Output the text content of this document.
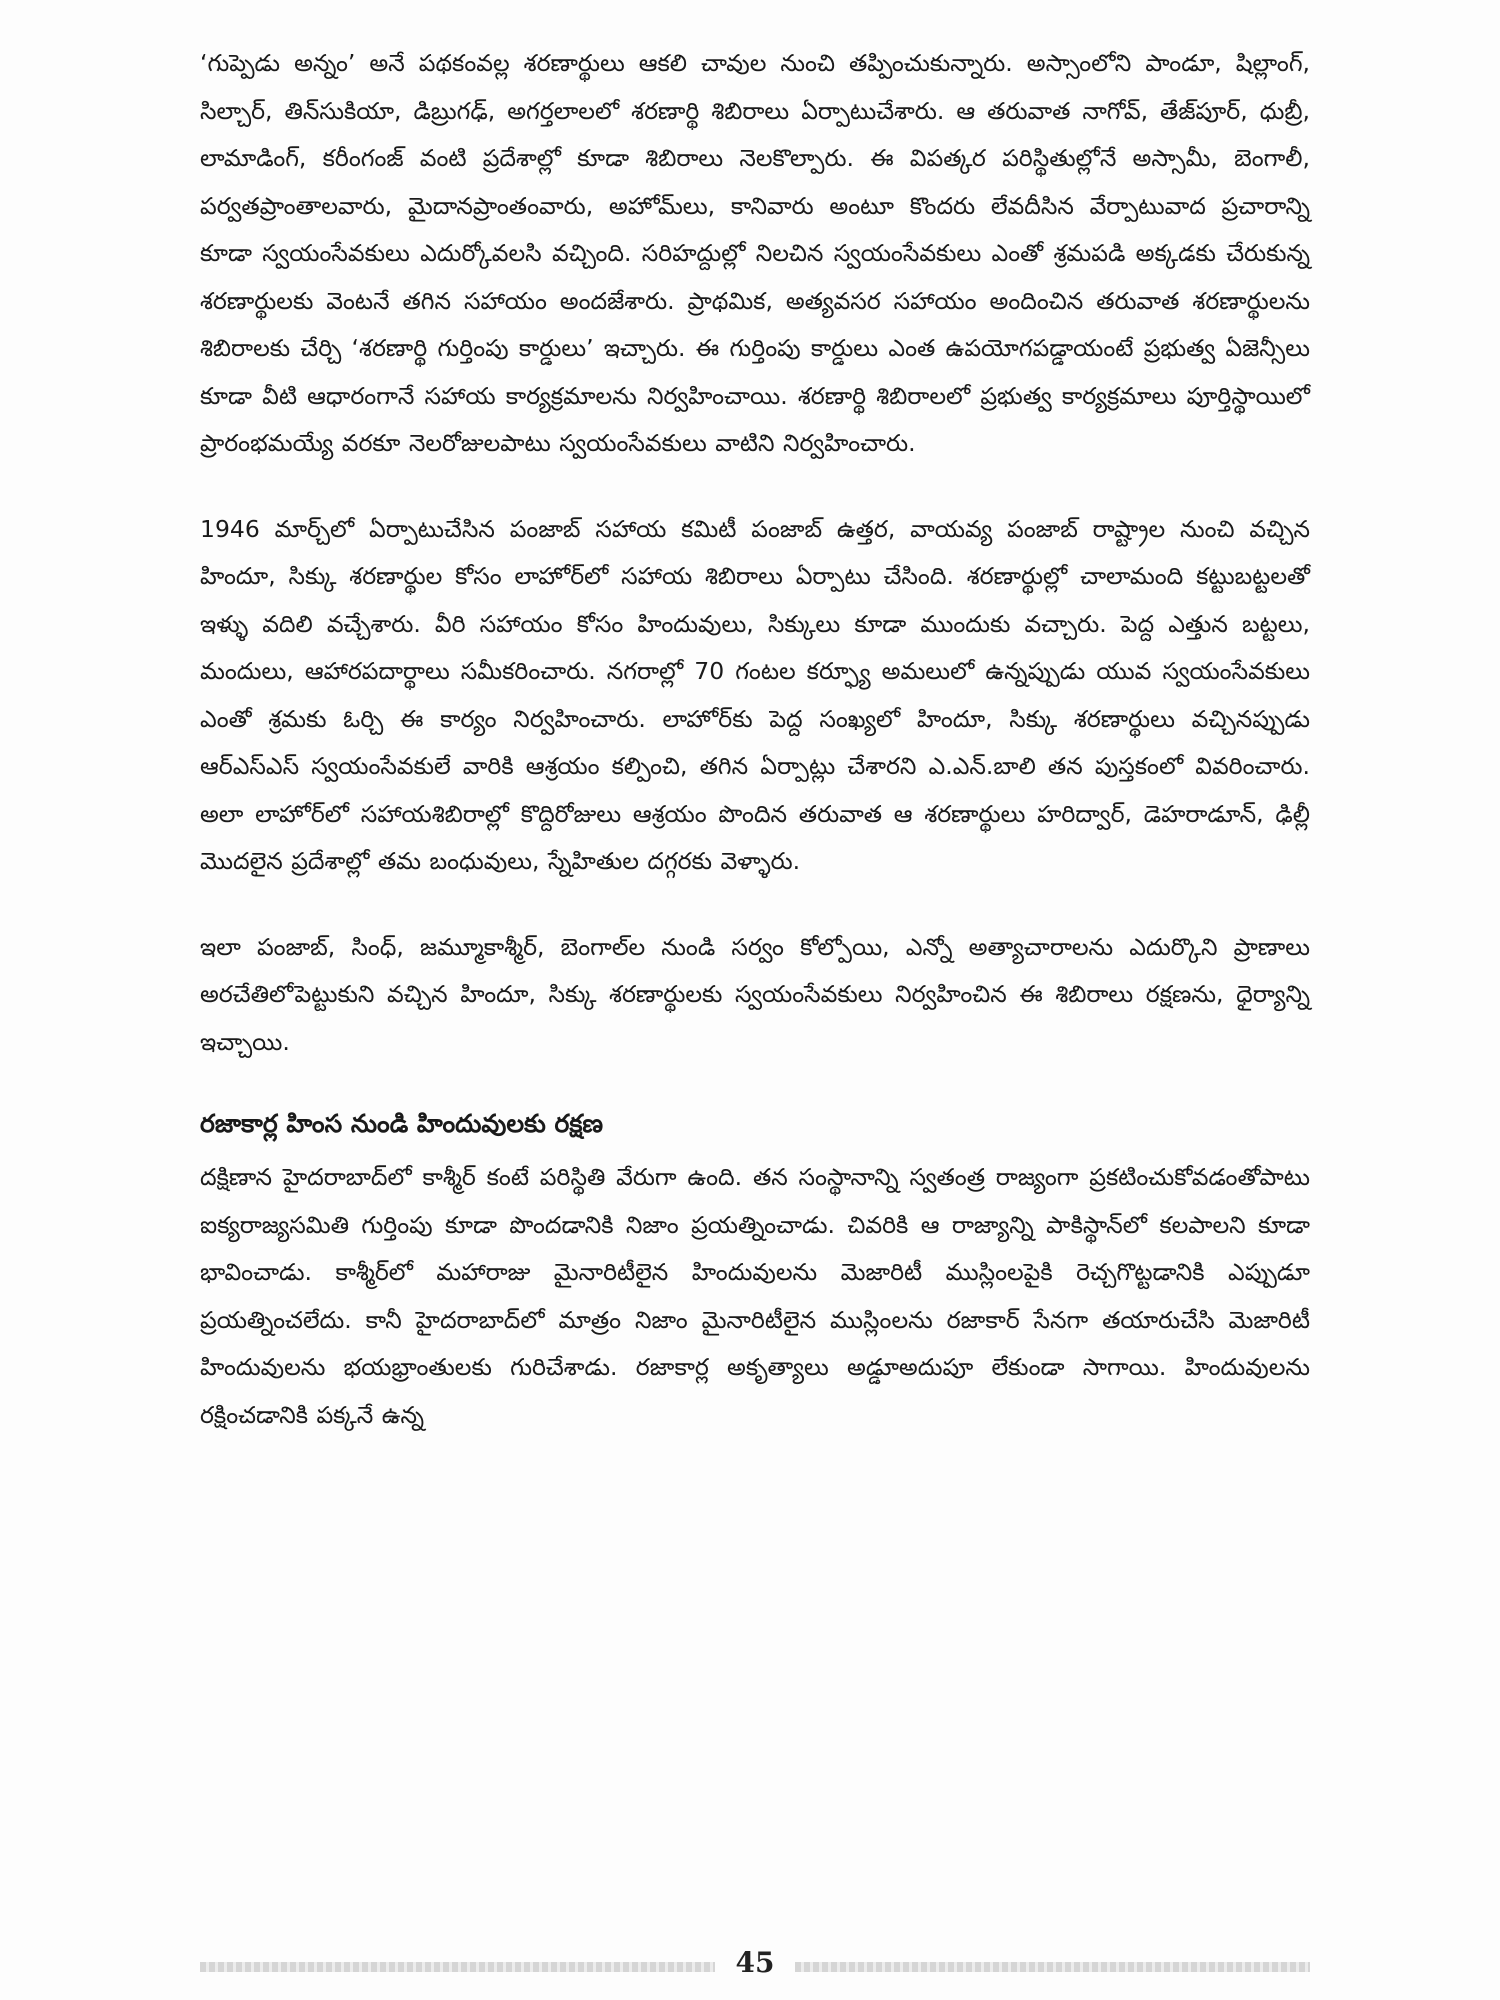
‘గుప్పెడు అన్నం’ అనే పథకంవల్ల శరణార్థులు ఆకలి చావుల నుంచి తప్పించుకున్నారు. అస్సాంలోని పాండూ, షిల్లాంగ్, సిల్చార్, తిన్‌సుకియా, డిబ్రుగఢ్, అగర్తలాలలో శరణార్థి శిబిరాలు ఏర్పాటుచేశారు. ఆ తరువాత నాగోవ్, తేజ్‌పూర్, ధుబ్రీ, లామాడింగ్, కరీంగంజ్ వంటి ప్రదేశాల్లో కూడా శిబిరాలు నెలకొల్పారు. ఈ విపత్కర పరిస్థితుల్లోనే అస్సామీ, బెంగాలీ, పర్వతప్రాంతాలవారు, మైదానప్రాంతంవారు, అహోమ్‌లు, కానివారు అంటూ కొందరు లేవదీసిన వేర్పాటువాద ప్రచారాన్ని కూడా స్వయంసేవకులు ఎదుర్కోవలసి వచ్చింది. సరిహద్దుల్లో నిలచిన స్వయంసేవకులు ఎంతో శ్రమపడి అక్కడకు చేరుకున్న శరణార్థులకు వెంటనే తగిన సహాయం అందజేశారు. ప్రాథమిక, అత్యవసర సహాయం అందించిన తరువాత శరణార్థులను శిబిరాలకు చేర్చి ‘శరణార్థి గుర్తింపు కార్డులు’ ఇచ్చారు. ఈ గుర్తింపు కార్డులు ఎంత ఉపయోగపడ్డాయంటే ప్రభుత్వ ఏజెన్సీలు కూడా వీటి ఆధారంగానే సహాయ కార్యక్రమాలను నిర్వహించాయి. శరణార్థి శిబిరాలలో ప్రభుత్వ కార్యక్రమాలు పూర్తిస్థాయిలో ప్రారంభమయ్యే వరకూ నెలరోజులపాటు స్వయంసేవకులు వాటిని నిర్వహించారు.

1946 మార్చ్‌లో ఏర్పాటుచేసిన పంజాబ్ సహాయ కమిటీ పంజాబ్ ఉత్తర, వాయవ్య పంజాబ్ రాష్ట్రాల నుంచి వచ్చిన హిందూ, సిక్కు శరణార్థుల కోసం లాహోర్‌లో సహాయ శిబిరాలు ఏర్పాటు చేసింది. శరణార్థుల్లో చాలామంది కట్టుబట్టలతో ఇళ్ళు వదిలి వచ్చేశారు. వీరి సహాయం కోసం హిందువులు, సిక్కులు కూడా ముందుకు వచ్చారు. పెద్ద ఎత్తున బట్టలు, మందులు, ఆహారపదార్థాలు సమీకరించారు. నగరాల్లో 70 గంటల కర్ఫ్యూ అమలులో ఉన్నప్పుడు యువ స్వయంసేవకులు ఎంతో శ్రమకు ఓర్చి ఈ కార్యం నిర్వహించారు. లాహోర్‌కు పెద్ద సంఖ్యలో హిందూ, సిక్కు శరణార్థులు వచ్చినప్పుడు ఆర్‌ఎస్‌ఎస్ స్వయంసేవకులే వారికి ఆశ్రయం కల్పించి, తగిన ఏర్పాట్లు చేశారని ఎ.ఎన్.బాలి తన పుస్తకంలో వివరించారు. అలా లాహోర్‌లో సహాయశిబిరాల్లో కొద్దిరోజులు ఆశ్రయం పొందిన తరువాత ఆ శరణార్థులు హరిద్వార్, డెహరాడూన్, ఢిల్లీ మొదలైన ప్రదేశాల్లో తమ బంధువులు, స్నేహితుల దగ్గరకు వెళ్ళారు.

ఇలా పంజాబ్, సింధ్, జమ్మూకాశ్మీర్, బెంగాల్‌ల నుండి సర్వం కోల్పోయి, ఎన్నో అత్యాచారాలను ఎదుర్కొని ప్రాణాలు అరచేతిలోపెట్టుకుని వచ్చిన హిందూ, సిక్కు శరణార్థులకు స్వయంసేవకులు నిర్వహించిన ఈ శిబిరాలు రక్షణను, ధైర్యాన్ని ఇచ్చాయి.

రజాకార్ల హింస నుండి హిందువులకు రక్షణ

దక్షిణాన హైదరాబాద్‌లో కాశ్మీర్ కంటే పరిస్థితి వేరుగా ఉంది. తన సంస్థానాన్ని స్వతంత్ర రాజ్యంగా ప్రకటించుకోవడంతోపాటు ఐక్యరాజ్యసమితి గుర్తింపు కూడా పొందడానికి నిజాం ప్రయత్నించాడు. చివరికి ఆ రాజ్యాన్ని పాకిస్థాన్‌లో కలపాలని కూడా భావించాడు. కాశ్మీర్‌లో మహారాజు మైనారిటీలైన హిందువులను మెజారిటీ ముస్లింలపైకి రెచ్చగొట్టడానికి ఎప్పుడూ ప్రయత్నించలేదు. కానీ హైదరాబాద్‌లో మాత్రం నిజాం మైనారిటీలైన ముస్లింలను రజాకార్ సేనగా తయారుచేసి మెజారిటీ హిందువులను భయభ్రాంతులకు గురిచేశాడు. రజాకార్ల అకృత్యాలు అడ్డూఅదుపూ లేకుండా సాగాయి. హిందువులను రక్షించడానికి పక్కనే ఉన్న

45
